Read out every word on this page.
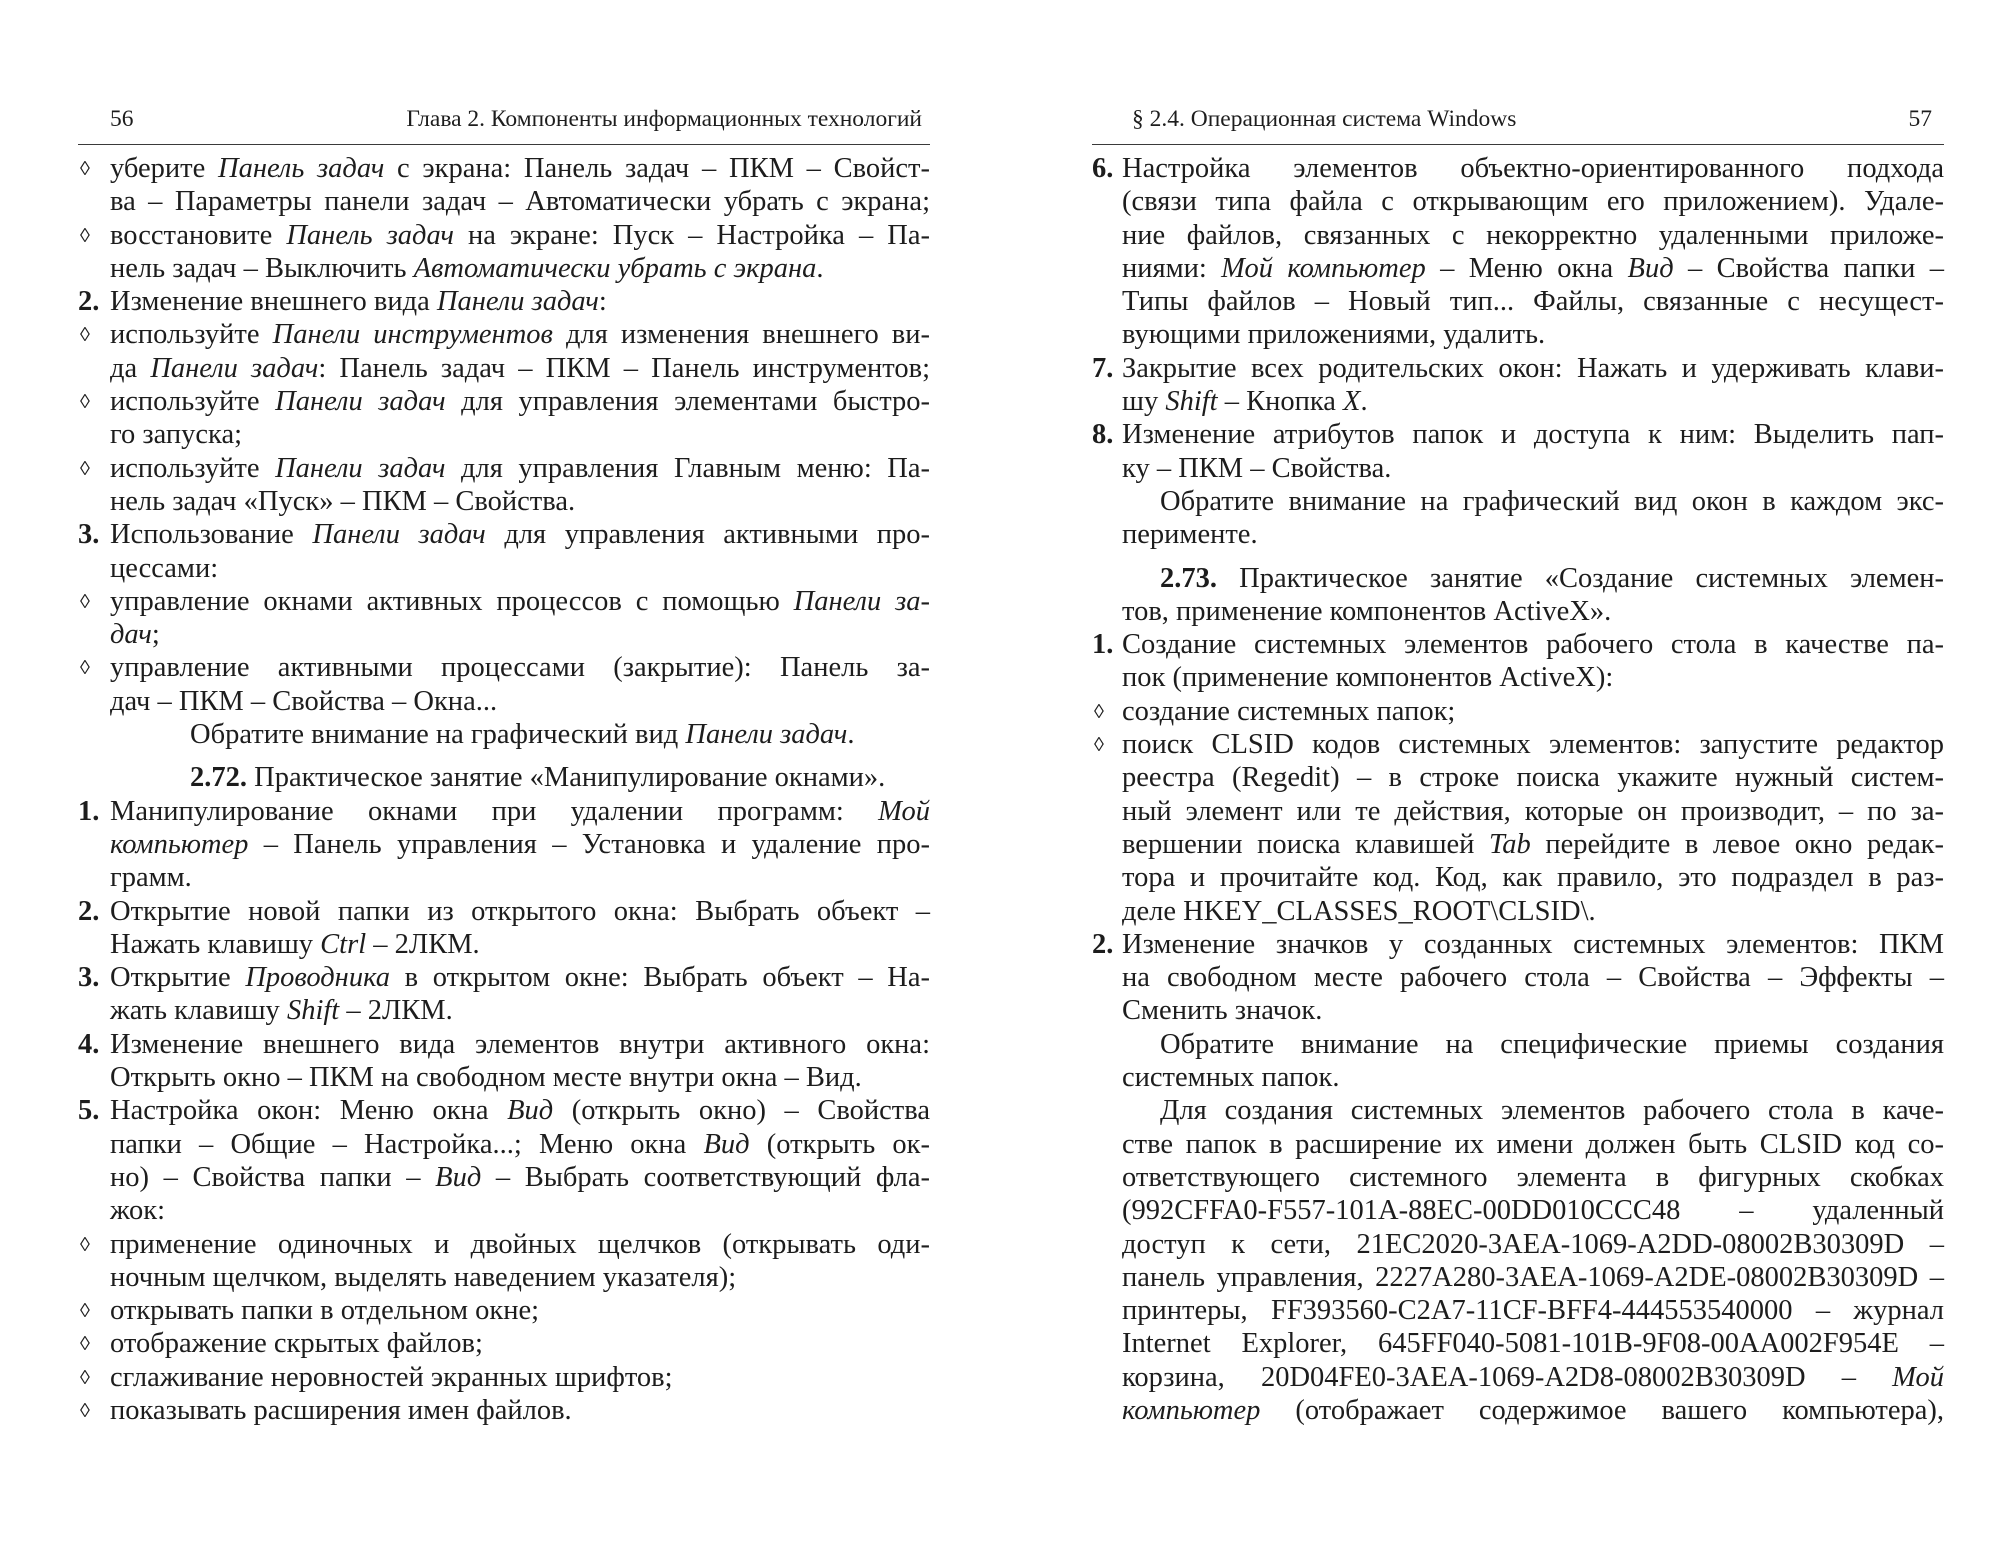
56	Глава 2. Компоненты информационных технологий
◊ уберите Панель задач с экрана: Панель задач – ПКМ – Свойст-
ва – Параметры панели задач – Автоматически убрать с экрана;
◊ восстановите Панель задач на экране: Пуск – Настройка – Па-
нель задач – Выключить Автоматически убрать с экрана.
2. Изменение внешнего вида Панели задач:
◊ используйте Панели инструментов для изменения внешнего ви-
да Панели задач: Панель задач – ПКМ – Панель инструментов;
◊ используйте Панели задач для управления элементами быстро-
го запуска;
◊ используйте Панели задач для управления Главным меню: Па-
нель задач «Пуск» – ПКМ – Свойства.
3. Использование Панели задач для управления активными про-
цессами:
◊ управление окнами активных процессов с помощью Панели за-
дач;
◊ управление активными процессами (закрытие): Панель за-
дач – ПКМ – Свойства – Окна...
Обратите внимание на графический вид Панели задач.
2.72. Практическое занятие «Манипулирование окнами».
1. Манипулирование окнами при удалении программ: Мой
компьютер – Панель управления – Установка и удаление про-
грамм.
2. Открытие новой папки из открытого окна: Выбрать объект –
Нажать клавишу Ctrl – 2ЛКМ.
3. Открытие Проводника в открытом окне: Выбрать объект – На-
жать клавишу Shift – 2ЛКМ.
4. Изменение внешнего вида элементов внутри активного окна:
Открыть окно – ПКМ на свободном месте внутри окна – Вид.
5. Настройка окон: Меню окна Вид (открыть окно) – Свойства
папки – Общие – Настройка...; Меню окна Вид (открыть ок-
но) – Свойства папки – Вид – Выбрать соответствующий фла-
жок:
◊ применение одиночных и двойных щелчков (открывать оди-
ночным щелчком, выделять наведением указателя);
◊ открывать папки в отдельном окне;
◊ отображение скрытых файлов;
◊ сглаживание неровностей экранных шрифтов;
◊ показывать расширения имен файлов.
§ 2.4. Операционная система Windows	57
6. Настройка элементов объектно-ориентированного подхода
(связи типа файла с открывающим его приложением). Удале-
ние файлов, связанных с некорректно удаленными приложе-
ниями: Мой компьютер – Меню окна Вид – Свойства папки –
Типы файлов – Новый тип... Файлы, связанные с несущест-
вующими приложениями, удалить.
7. Закрытие всех родительских окон: Нажать и удерживать клави-
шу Shift – Кнопка X.
8. Изменение атрибутов папок и доступа к ним: Выделить пап-
ку – ПКМ – Свойства.
Обратите внимание на графический вид окон в каждом экс-
перименте.
2.73. Практическое занятие «Создание системных элемен-
тов, применение компонентов ActiveX».
1. Создание системных элементов рабочего стола в качестве па-
пок (применение компонентов ActiveX):
◊ создание системных папок;
◊ поиск CLSID кодов системных элементов: запустите редактор
реестра (Regedit) – в строке поиска укажите нужный систем-
ный элемент или те действия, которые он производит, – по за-
вершении поиска клавишей Tab перейдите в левое окно редак-
тора и прочитайте код. Код, как правило, это подраздел в раз-
деле HKEY_CLASSES_ROOT\CLSID\.
2. Изменение значков у созданных системных элементов: ПКМ
на свободном месте рабочего стола – Свойства – Эффекты –
Сменить значок.
Обратите внимание на специфические приемы создания
системных папок.
Для создания системных элементов рабочего стола в каче-
стве папок в расширение их имени должен быть CLSID код со-
ответствующего системного элемента в фигурных скобках
(992CFFA0-F557-101A-88EC-00DD010CCC48 – удаленный
доступ к сети, 21EC2020-3AEA-1069-A2DD-08002B30309D –
панель управления, 2227A280-3AEA-1069-A2DE-08002B30309D –
принтеры, FF393560-C2A7-11CF-BFF4-444553540000 – журнал
Internet Explorer, 645FF040-5081-101B-9F08-00AA002F954E –
корзина, 20D04FE0-3AEA-1069-A2D8-08002B30309D – Мой
компьютер (отображает содержимое вашего компьютера),
